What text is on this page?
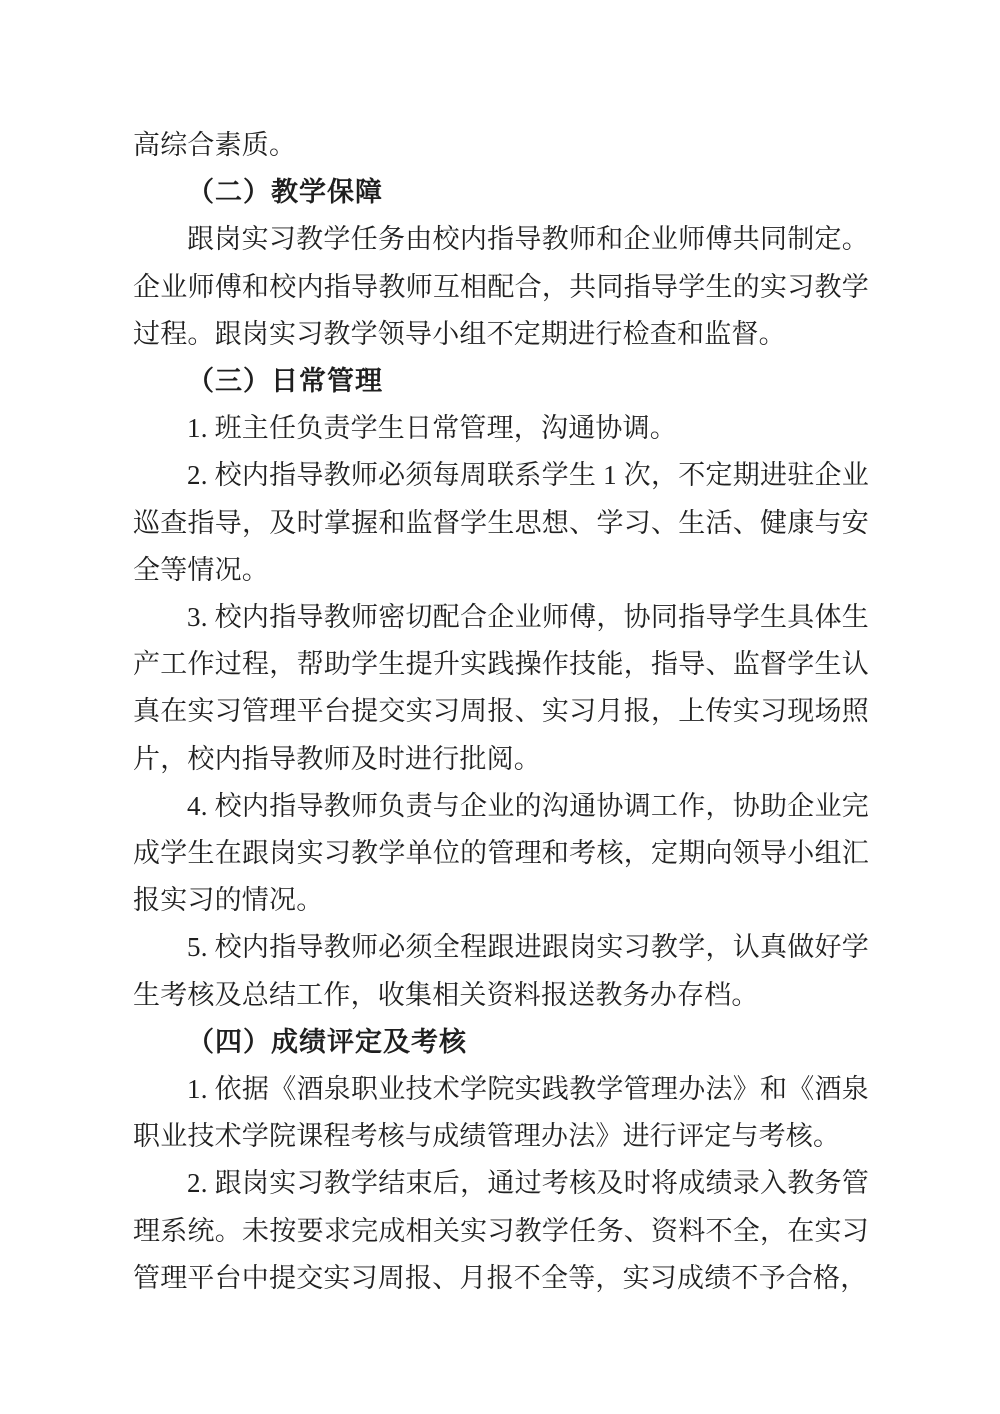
高综合素质。

（二）教学保障

跟岗实习教学任务由校内指导教师和企业师傅共同制定。企业师傅和校内指导教师互相配合，共同指导学生的实习教学过程。跟岗实习教学领导小组不定期进行检查和监督。

（三）日常管理

1. 班主任负责学生日常管理，沟通协调。

2. 校内指导教师必须每周联系学生 1 次，不定期进驻企业巡查指导，及时掌握和监督学生思想、学习、生活、健康与安全等情况。

3. 校内指导教师密切配合企业师傅，协同指导学生具体生产工作过程，帮助学生提升实践操作技能，指导、监督学生认真在实习管理平台提交实习周报、实习月报，上传实习现场照片，校内指导教师及时进行批阅。

4. 校内指导教师负责与企业的沟通协调工作，协助企业完成学生在跟岗实习教学单位的管理和考核，定期向领导小组汇报实习的情况。

5. 校内指导教师必须全程跟进跟岗实习教学，认真做好学生考核及总结工作，收集相关资料报送教务办存档。

（四）成绩评定及考核

1. 依据《酒泉职业技术学院实践教学管理办法》和《酒泉职业技术学院课程考核与成绩管理办法》进行评定与考核。

2. 跟岗实习教学结束后，通过考核及时将成绩录入教务管理系统。未按要求完成相关实习教学任务、资料不全，在实习管理平台中提交实习周报、月报不全等，实习成绩不予合格，
